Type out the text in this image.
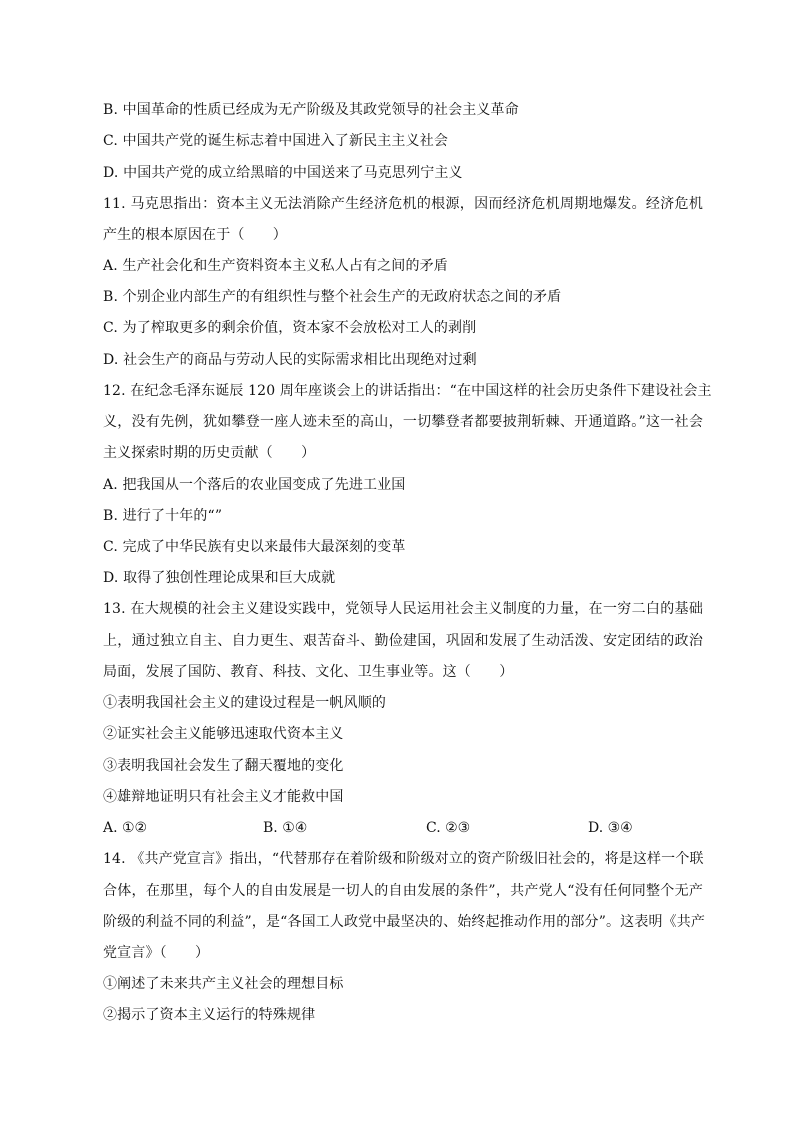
B. 中国革命的性质已经成为无产阶级及其政党领导的社会主义革命
C. 中国共产党的诞生标志着中国进入了新民主主义社会
D. 中国共产党的成立给黑暗的中国送来了马克思列宁主义
11. 马克思指出：资本主义无法消除产生经济危机的根源，因而经济危机周期地爆发。经济危机
产生的根本原因在于（　　）
A. 生产社会化和生产资料资本主义私人占有之间的矛盾
B. 个别企业内部生产的有组织性与整个社会生产的无政府状态之间的矛盾
C. 为了榨取更多的剩余价值，资本家不会放松对工人的剥削
D. 社会生产的商品与劳动人民的实际需求相比出现绝对过剩
12. 在纪念毛泽东诞辰 120 周年座谈会上的讲话指出：“在中国这样的社会历史条件下建设社会主
义，没有先例，犹如攀登一座人迹未至的高山，一切攀登者都要披荆斩棘、开通道路。”这一社会
主义探索时期的历史贡献（　　）
A. 把我国从一个落后的农业国变成了先进工业国
B. 进行了十年的“”
C. 完成了中华民族有史以来最伟大最深刻的变革
D. 取得了独创性理论成果和巨大成就
13. 在大规模的社会主义建设实践中，党领导人民运用社会主义制度的力量，在一穷二白的基础
上，通过独立自主、自力更生、艰苦奋斗、勤俭建国，巩固和发展了生动活泼、安定团结的政治
局面，发展了国防、教育、科技、文化、卫生事业等。这（　　）
①表明我国社会主义的建设过程是一帆风顺的
②证实社会主义能够迅速取代资本主义
③表明我国社会发生了翻天覆地的变化
④雄辩地证明只有社会主义才能救中国
A. ①②	B. ①④	C. ②③	D. ③④
14. 《共产党宣言》指出，“代替那存在着阶级和阶级对立的资产阶级旧社会的，将是这样一个联
合体，在那里，每个人的自由发展是一切人的自由发展的条件”，共产党人“没有任何同整个无产
阶级的利益不同的利益”，是“各国工人政党中最坚决的、始终起推动作用的部分”。这表明《共产
党宣言》（　　）
①阐述了未来共产主义社会的理想目标
②揭示了资本主义运行的特殊规律
